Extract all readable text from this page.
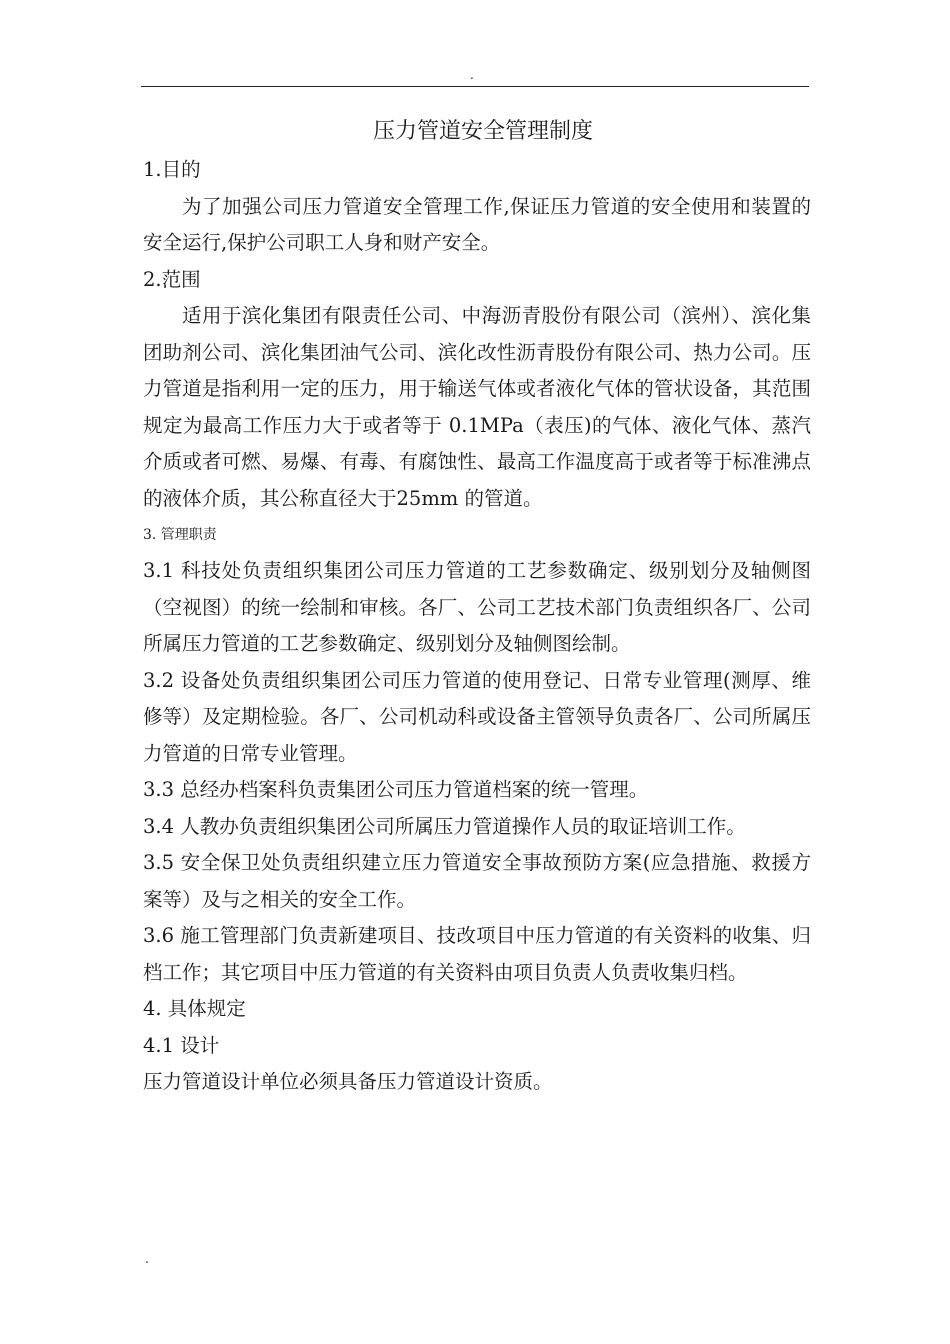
.
压力管道安全管理制度

1.目的

为了加强公司压力管道安全管理工作,保证压力管道的安全使用和装置的安全运行,保护公司职工人身和财产安全。

2.范围

适用于滨化集团有限责任公司、中海沥青股份有限公司（滨州）、滨化集团助剂公司、滨化集团油气公司、滨化改性沥青股份有限公司、热力公司。压力管道是指利用一定的压力，用于输送气体或者液化气体的管状设备，其范围规定为最高工作压力大于或者等于 0.1MPa（表压)的气体、液化气体、蒸汽介质或者可燃、易爆、有毒、有腐蚀性、最高工作温度高于或者等于标准沸点的液体介质，其公称直径大于25mm 的管道。

3. 管理职责

3.1 科技处负责组织集团公司压力管道的工艺参数确定、级别划分及轴侧图（空视图）的统一绘制和审核。各厂、公司工艺技术部门负责组织各厂、公司所属压力管道的工艺参数确定、级别划分及轴侧图绘制。

3.2 设备处负责组织集团公司压力管道的使用登记、日常专业管理(测厚、维修等）及定期检验。各厂、公司机动科或设备主管领导负责各厂、公司所属压力管道的日常专业管理。

3.3 总经办档案科负责集团公司压力管道档案的统一管理。

3.4 人教办负责组织集团公司所属压力管道操作人员的取证培训工作。

3.5 安全保卫处负责组织建立压力管道安全事故预防方案(应急措施、救援方案等）及与之相关的安全工作。

3.6 施工管理部门负责新建项目、技改项目中压力管道的有关资料的收集、归档工作；其它项目中压力管道的有关资料由项目负责人负责收集归档。

4. 具体规定

4.1 设计

压力管道设计单位必须具备压力管道设计资质。

.
